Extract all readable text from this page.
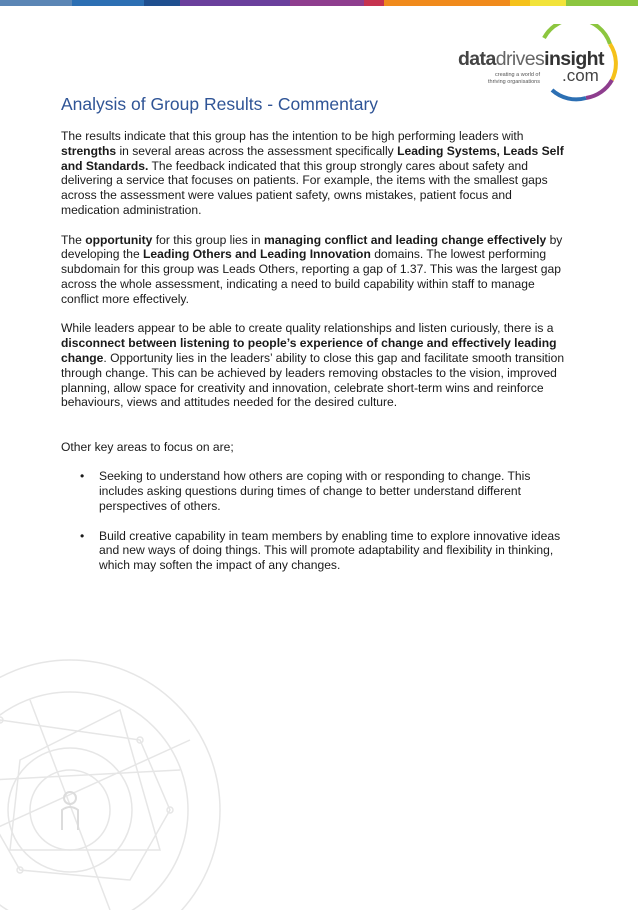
datadrivesinsight
creating a world of thriving organisations .com
Analysis of Group Results - Commentary

The results indicate that this group has the intention to be high performing leaders with strengths in several areas across the assessment specifically Leading Systems, Leads Self and Standards. The feedback indicated that this group strongly cares about safety and delivering a service that focuses on patients. For example, the items with the smallest gaps across the assessment were values patient safety, owns mistakes, patient focus and medication administration.

The opportunity for this group lies in managing conflict and leading change effectively by developing the Leading Others and Leading Innovation domains. The lowest performing subdomain for this group was Leads Others, reporting a gap of 1.37. This was the largest gap across the whole assessment, indicating a need to build capability within staff to manage conflict more effectively.

While leaders appear to be able to create quality relationships and listen curiously, there is a disconnect between listening to people’s experience of change and effectively leading change. Opportunity lies in the leaders’ ability to close this gap and facilitate smooth transition through change. This can be achieved by leaders removing obstacles to the vision, improved planning, allow space for creativity and innovation, celebrate short-term wins and reinforce behaviours, views and attitudes needed for the desired culture.

Other key areas to focus on are;

• Seeking to understand how others are coping with or responding to change. This includes asking questions during times of change to better understand different perspectives of others.
• Build creative capability in team members by enabling time to explore innovative ideas and new ways of doing things. This will promote adaptability and flexibility in thinking, which may soften the impact of any changes.
